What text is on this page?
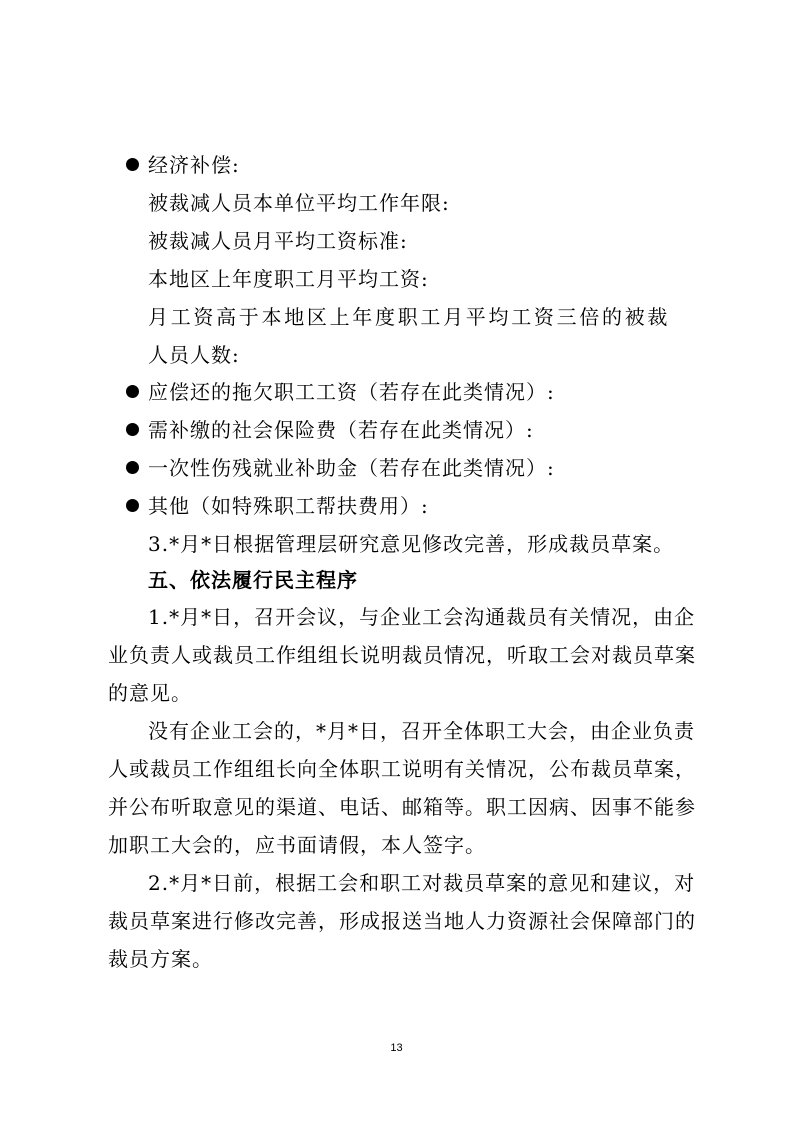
经济补偿:
被裁减人员本单位平均工作年限:
被裁减人员月平均工资标准:
本地区上年度职工月平均工资:
月工资高于本地区上年度职工月平均工资三倍的被裁
人员人数:
应偿还的拖欠职工工资（若存在此类情况）:
需补缴的社会保险费（若存在此类情况）:
一次性伤残就业补助金（若存在此类情况）:
其他（如特殊职工帮扶费用）:
3.*月*日根据管理层研究意见修改完善，形成裁员草案。
五、依法履行民主程序
1.*月*日，召开会议，与企业工会沟通裁员有关情况，由企
业负责人或裁员工作组组长说明裁员情况，听取工会对裁员草案
的意见。
没有企业工会的，*月*日，召开全体职工大会，由企业负责
人或裁员工作组组长向全体职工说明有关情况，公布裁员草案，
并公布听取意见的渠道、电话、邮箱等。职工因病、因事不能参
加职工大会的，应书面请假，本人签字。
2.*月*日前，根据工会和职工对裁员草案的意见和建议，对
裁员草案进行修改完善，形成报送当地人力资源社会保障部门的
裁员方案。
13
